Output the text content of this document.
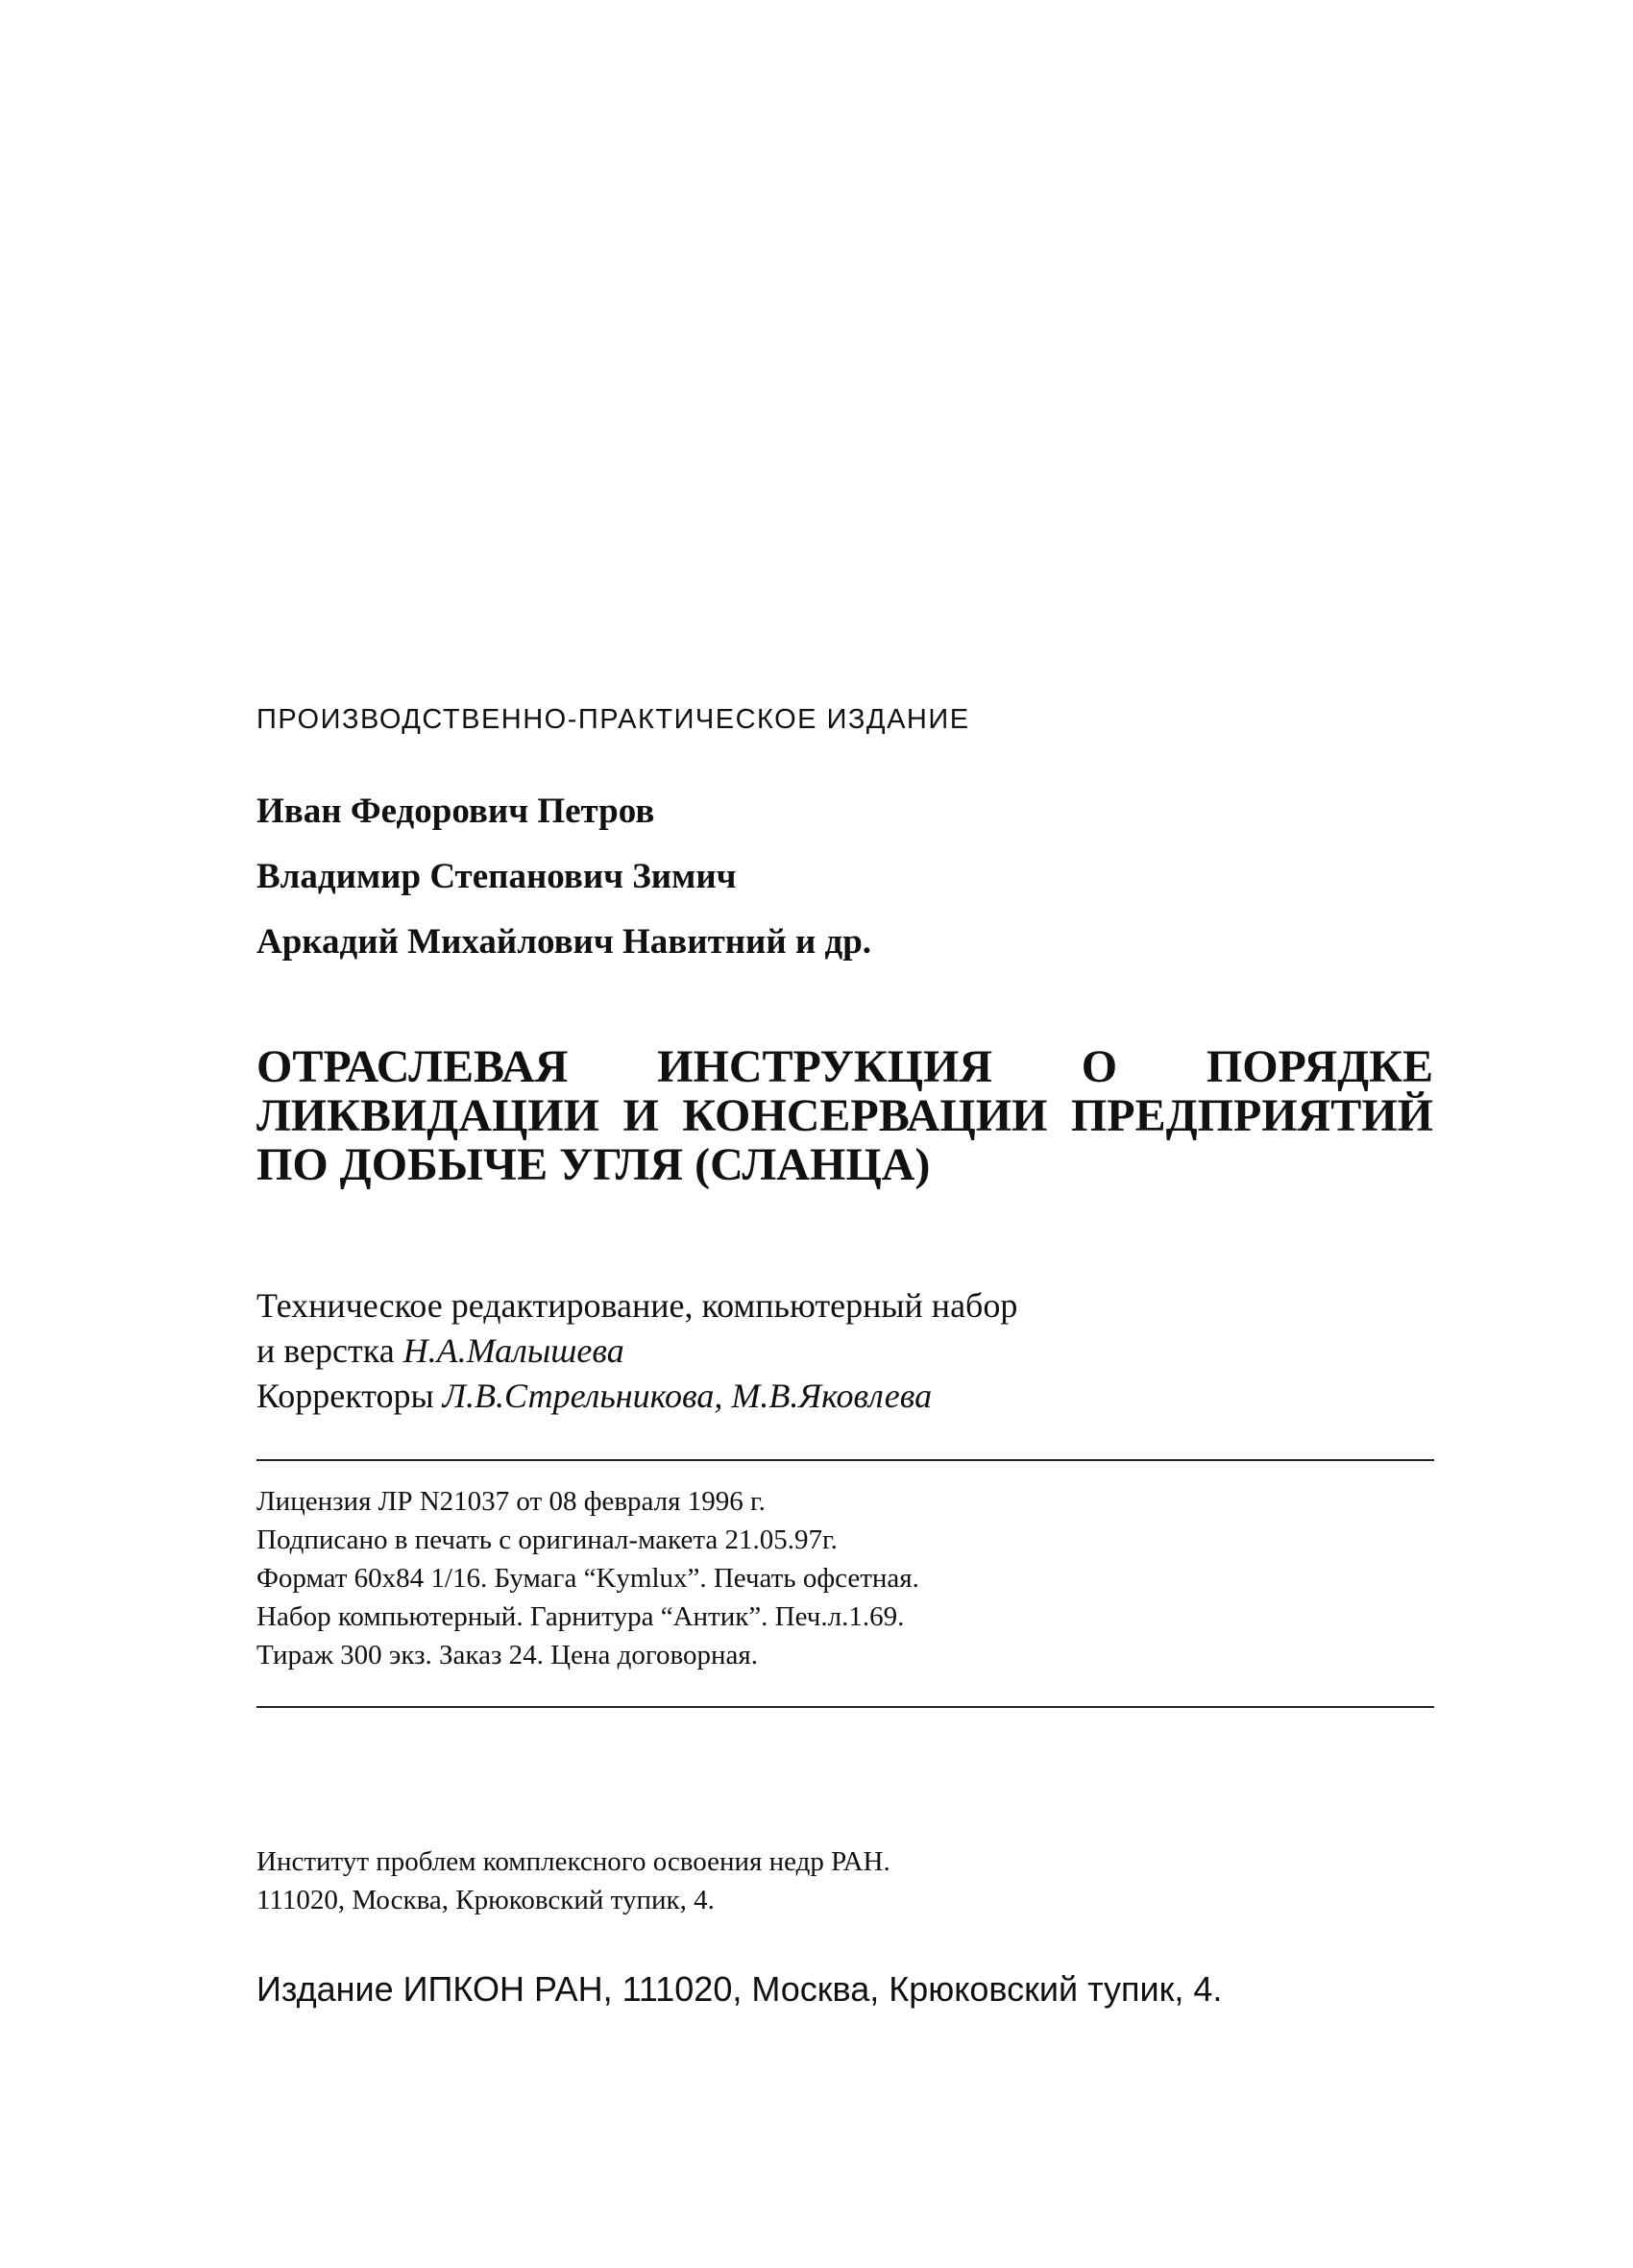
ПРОИЗВОДСТВЕННО-ПРАКТИЧЕСКОЕ ИЗДАНИЕ
Иван Федорович Петров
Владимир Степанович Зимич
Аркадий Михайлович Навитний и др.
ОТРАСЛЕВАЯ ИНСТРУКЦИЯ О ПОРЯДКЕ
ЛИКВИДАЦИИ И КОНСЕРВАЦИИ ПРЕДПРИЯТИЙ
ПО ДОБЫЧЕ УГЛЯ (СЛАНЦА)

Техническое редактирование, компьютерный набор

и верстка Н.А.Малышева

Корректоры Л.В.Стрельникова, М.В.Яковлева

Лицензия ЛР N21037 от 08 февраля 1996 г.

Подписано в печать с оригинал-макета 21.05.97г.

Формат 60х84 1/16. Бумага “Kymlux”. Печать офсетная.

Набор компьютерный. Гарнитура “Антик”. Печ.л.1.69.

Тираж 300 экз. Заказ 24. Цена договорная.

Институт проблем комплексного освоения недр РАН.

111020, Москва, Крюковский тупик, 4.

Издание ИПКОН РАН, 111020, Москва, Крюковский тупик, 4.
